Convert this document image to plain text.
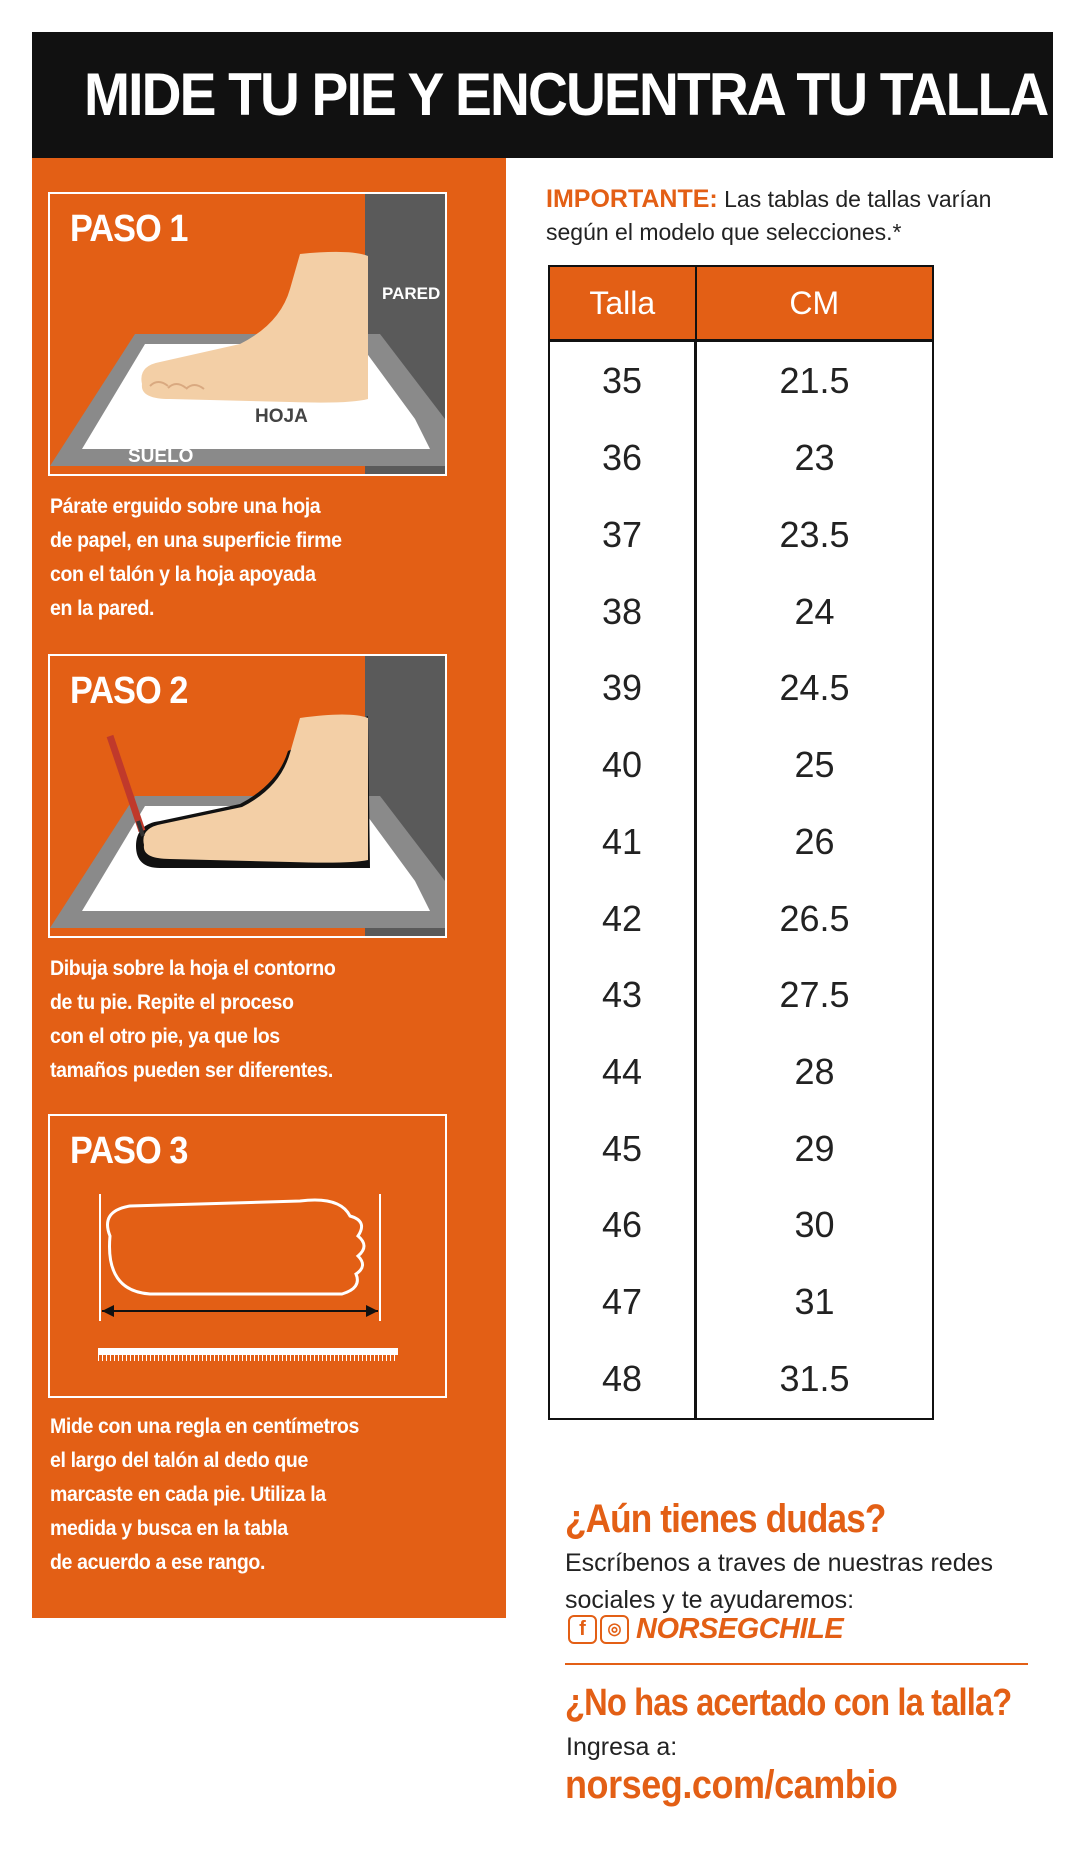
MIDE TU PIE Y ENCUENTRA TU TALLA
PASO 1
PARED
HOJA
SUELO

Párate erguido sobre una hoja
de papel, en una superficie firme
con el talón y la hoja apoyada
en la pared.

PASO 2

Dibuja sobre la hoja el contorno
de tu pie. Repite el proceso
con el otro pie, ya que los
tamaños pueden ser diferentes.

PASO 3

Mide con una regla en centímetros
el largo del talón al dedo que
marcaste en cada pie. Utiliza la
medida y busca en la tabla
de acuerdo a ese rango.

IMPORTANTE: Las tablas de tallas varían según el modelo que selecciones.*
Talla	CM
35	21.5
36	23
37	23.5
38	24
39	24.5
40	25
41	26
42	26.5
43	27.5
44	28
45	29
46	30
47	31
48	31.5
¿Aún tienes dudas?
Escríbenos a traves de nuestras redes sociales y te ayudaremos:
f ◎ NORSEGCHILE
¿No has acertado con la talla?
Ingresa a:
norseg.com/cambio
